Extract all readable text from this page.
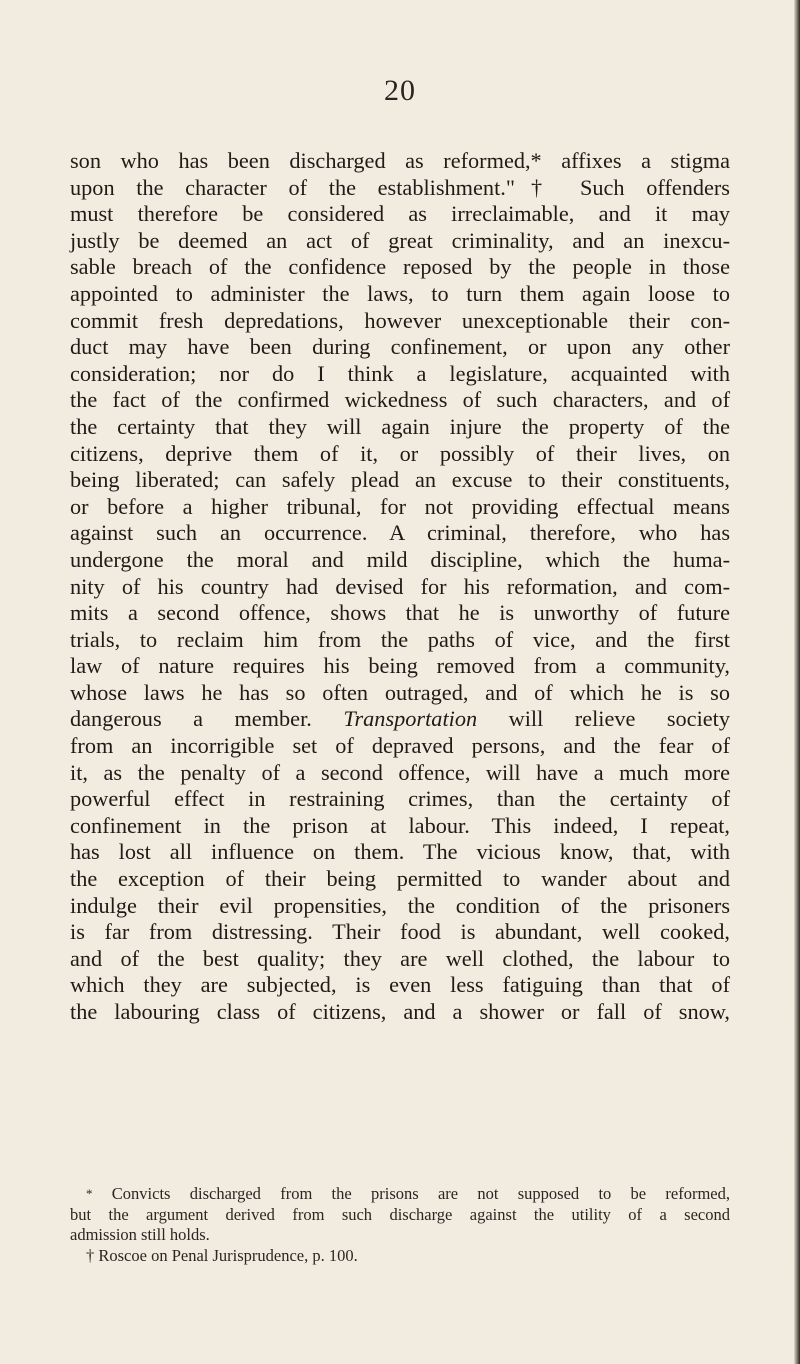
20
son who has been discharged as reformed,* affixes a stigma
upon the character of the establishment."† Such offenders
must therefore be considered as irreclaimable, and it may
justly be deemed an act of great criminality, and an inexcu-
sable breach of the confidence reposed by the people in those
appointed to administer the laws, to turn them again loose to
commit fresh depredations, however unexceptionable their con-
duct may have been during confinement, or upon any other
consideration; nor do I think a legislature, acquainted with
the fact of the confirmed wickedness of such characters, and of
the certainty that they will again injure the property of the
citizens, deprive them of it, or possibly of their lives, on
being liberated; can safely plead an excuse to their constituents,
or before a higher tribunal, for not providing effectual means
against such an occurrence. A criminal, therefore, who has
undergone the moral and mild discipline, which the huma-
nity of his country had devised for his reformation, and com-
mits a second offence, shows that he is unworthy of future
trials, to reclaim him from the paths of vice, and the first
law of nature requires his being removed from a community,
whose laws he has so often outraged, and of which he is so
dangerous a member. Transportation will relieve society
from an incorrigible set of depraved persons, and the fear of
it, as the penalty of a second offence, will have a much more
powerful effect in restraining crimes, than the certainty of
confinement in the prison at labour. This indeed, I repeat,
has lost all influence on them. The vicious know, that, with
the exception of their being permitted to wander about and
indulge their evil propensities, the condition of the prisoners
is far from distressing. Their food is abundant, well cooked,
and of the best quality; they are well clothed, the labour to
which they are subjected, is even less fatiguing than that of
the labouring class of citizens, and a shower or fall of snow,
* Convicts discharged from the prisons are not supposed to be reformed,
but the argument derived from such discharge against the utility of a second
admission still holds.
† Roscoe on Penal Jurisprudence, p. 100.
